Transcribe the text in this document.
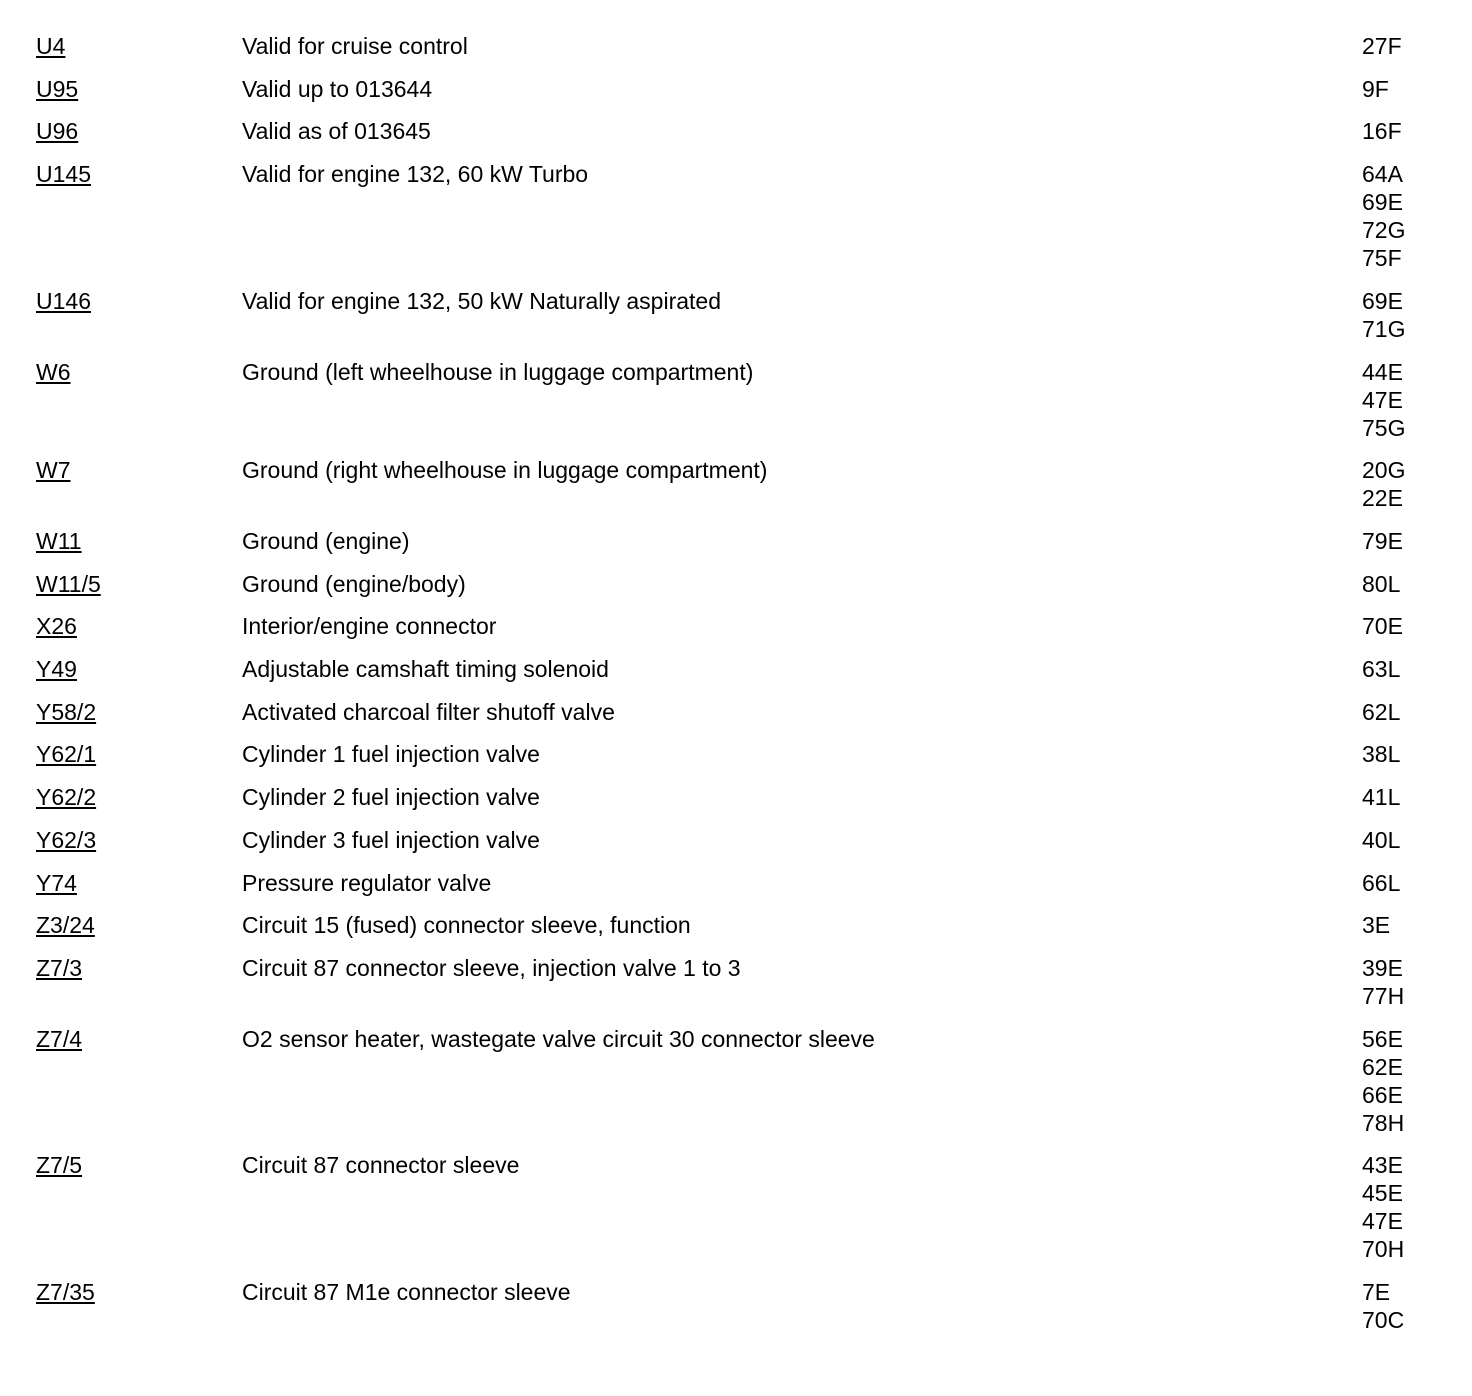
U4	Valid for cruise control	27F
U95	Valid up to 013644	9F
U96	Valid as of 013645	16F
U145	Valid for engine 132, 60 kW Turbo	64A
69E
72G
75F
U146	Valid for engine 132, 50 kW Naturally aspirated	69E
71G
W6	Ground (left wheelhouse in luggage compartment)	44E
47E
75G
W7	Ground (right wheelhouse in luggage compartment)	20G
22E
W11	Ground (engine)	79E
W11/5	Ground (engine/body)	80L
X26	Interior/engine connector	70E
Y49	Adjustable camshaft timing solenoid	63L
Y58/2	Activated charcoal filter shutoff valve	62L
Y62/1	Cylinder 1 fuel injection valve	38L
Y62/2	Cylinder 2 fuel injection valve	41L
Y62/3	Cylinder 3 fuel injection valve	40L
Y74	Pressure regulator valve	66L
Z3/24	Circuit 15 (fused) connector sleeve, function	3E
Z7/3	Circuit 87 connector sleeve, injection valve 1 to 3	39E
77H
Z7/4	O2 sensor heater, wastegate valve circuit 30 connector sleeve	56E
62E
66E
78H
Z7/5	Circuit 87 connector sleeve	43E
45E
47E
70H
Z7/35	Circuit 87 M1e connector sleeve	7E
70C
